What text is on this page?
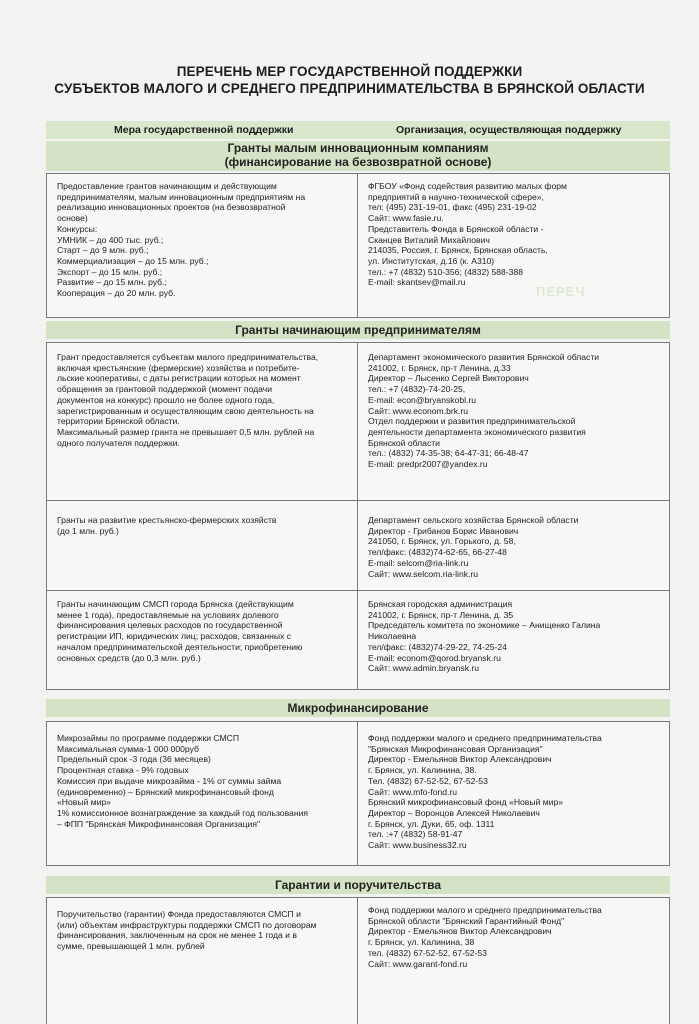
ПЕРЕЧЕНЬ МЕР ГОСУДАРСТВЕННОЙ ПОДДЕРЖКИ
СУБЪЕКТОВ МАЛОГО И СРЕДНЕГО ПРЕДПРИНИМАТЕЛЬСТВА В БРЯНСКОЙ ОБЛАСТИ
Мера государственной поддержки	Организация, осуществляющая поддержку
Гранты малым инновационным компаниям
(финансирование на безвозвратной основе)
Предоставление грантов начинающим и действующим
предпринимателям, малым инновационным предприятиям на
реализацию инновационных проектов (на безвозвратной
основе)
Конкурсы:
УМНИК – до 400 тыс. руб.;
Старт – до 9 млн. руб.;
Коммерциализация – до 15 млн. руб.;
Экспорт – до 15 млн. руб.;
Развитие – до 15 млн. руб.;
Кооперация – до 20 млн. руб.
ФГБОУ «Фонд содействия развитию малых форм
предприятий в научно-технической сфере»,
тел: (495) 231-19-01, факс (495) 231-19-02
Сайт: www.fasie.ru.
Представитель Фонда в Брянской области -
Сканцев Виталий Михайлович
214035, Россия, г. Брянск, Брянская область,
ул. Институтская, д.16 (к. А310)
тел.: +7 (4832) 510-356; (4832) 588-388
E-mail: skantsev@mail.ru
ПЕРЕЧ
Гранты начинающим предпринимателям
Грант предоставляется субъектам малого предпринимательства,
включая крестьянские (фермерские) хозяйства и потребите-
льские кооперативы, с даты регистрации которых на момент
обращения за грантовой поддержкой (момент подачи
документов на конкурс) прошло не более одного года,
зарегистрированным и осуществляющим свою деятельность на
территории Брянской области.
Максимальный размер гранта не превышает 0,5 млн. рублей на
одного получателя поддержки.
Департамент экономического развития Брянской области
241002, г. Брянск, пр-т Ленина, д.33
Директор – Лысенко Сергей Викторович
тел.: +7 (4832)-74-20-25,
E-mail: econ@bryanskobl.ru
Сайт: www.econom.brk.ru
Отдел поддержки и развития предпринимательской
деятельности департамента экономического развития
Брянской области
тел.: (4832) 74-35-38; 64-47-31; 66-48-47
E-mail: predpr2007@yandex.ru
Гранты на развитие крестьянско-фермерских хозяйств
(до 1 млн. руб.)
Департамент сельского хозяйства Брянской области
Директор - Грибанов Борис Иванович
241050, г. Брянск, ул. Горького, д. 58,
тел/факс: (4832)74-62-65, 66-27-48
E-mail: selcom@ria-link.ru
Сайт: www.selcom.ria-link.ru
Гранты начинающим СМСП города Брянска (действующим
менее 1 года), предоставляемые на условиях долевого
финансирования целевых расходов по государственной
регистрации ИП, юридических лиц; расходов, связанных с
началом предпринимательской деятельности; приобретению
основных средств (до 0,3 млн. руб.)
Брянская городская администрация
241002, г. Брянск, пр-т Ленина, д. 35
Председатель комитета по экономике – Анищенко Галина
Николаевна
тел/факс: (4832)74-29-22, 74-25-24
E-mail: econom@qorod.bryansk.ru
Сайт: www.admin.bryansk.ru
Микрофинансирование
Микрозаймы по программе поддержки СМСП
Максимальная сумма-1 000 000руб
Предельный срок -3 года (36 месяцев)
Процентная ставка - 9% годовых
Комиссия при выдаче микрозайма - 1% от суммы займа
(единовременно) – Брянский микрофинансовый фонд
«Новый мир»
1% комиссионное вознаграждение за каждый год пользования
– ФПП "Брянская Микрофинансовая Организация"
Фонд поддержки малого и среднего предпринимательства
"Брянская Микрофинансовая Организация"
Директор - Емельянов Виктор Александрович
г. Брянск, ул. Калинина, 38.
Тел. (4832) 67-52-52, 67-52-53
Сайт: www.mfo-fond.ru
Брянский микрофинансовый фонд «Новый мир»
Директор – Воронцов Алексей Николаевич
г. Брянск, ул. Дуки, 65, оф. 1311
тел. :+7 (4832) 58-91-47
Сайт: www.business32.ru
Гарантии и поручительства
Поручительство (гарантии) Фонда предоставляются СМСП и
(или) объектам инфраструктуры поддержки СМСП по договорам
финансирования, заключенным на срок не менее 1 года и в
сумме, превышающей 1 млн. рублей
Фонд поддержки малого и среднего предпринимательства
Брянской области "Брянский Гарантийный Фонд"
Директор - Емельянов Виктор Александрович
г. Брянск, ул. Калинина, 38
тел. (4832) 67-52-52, 67-52-53
Сайт: www.garant-fond.ru
